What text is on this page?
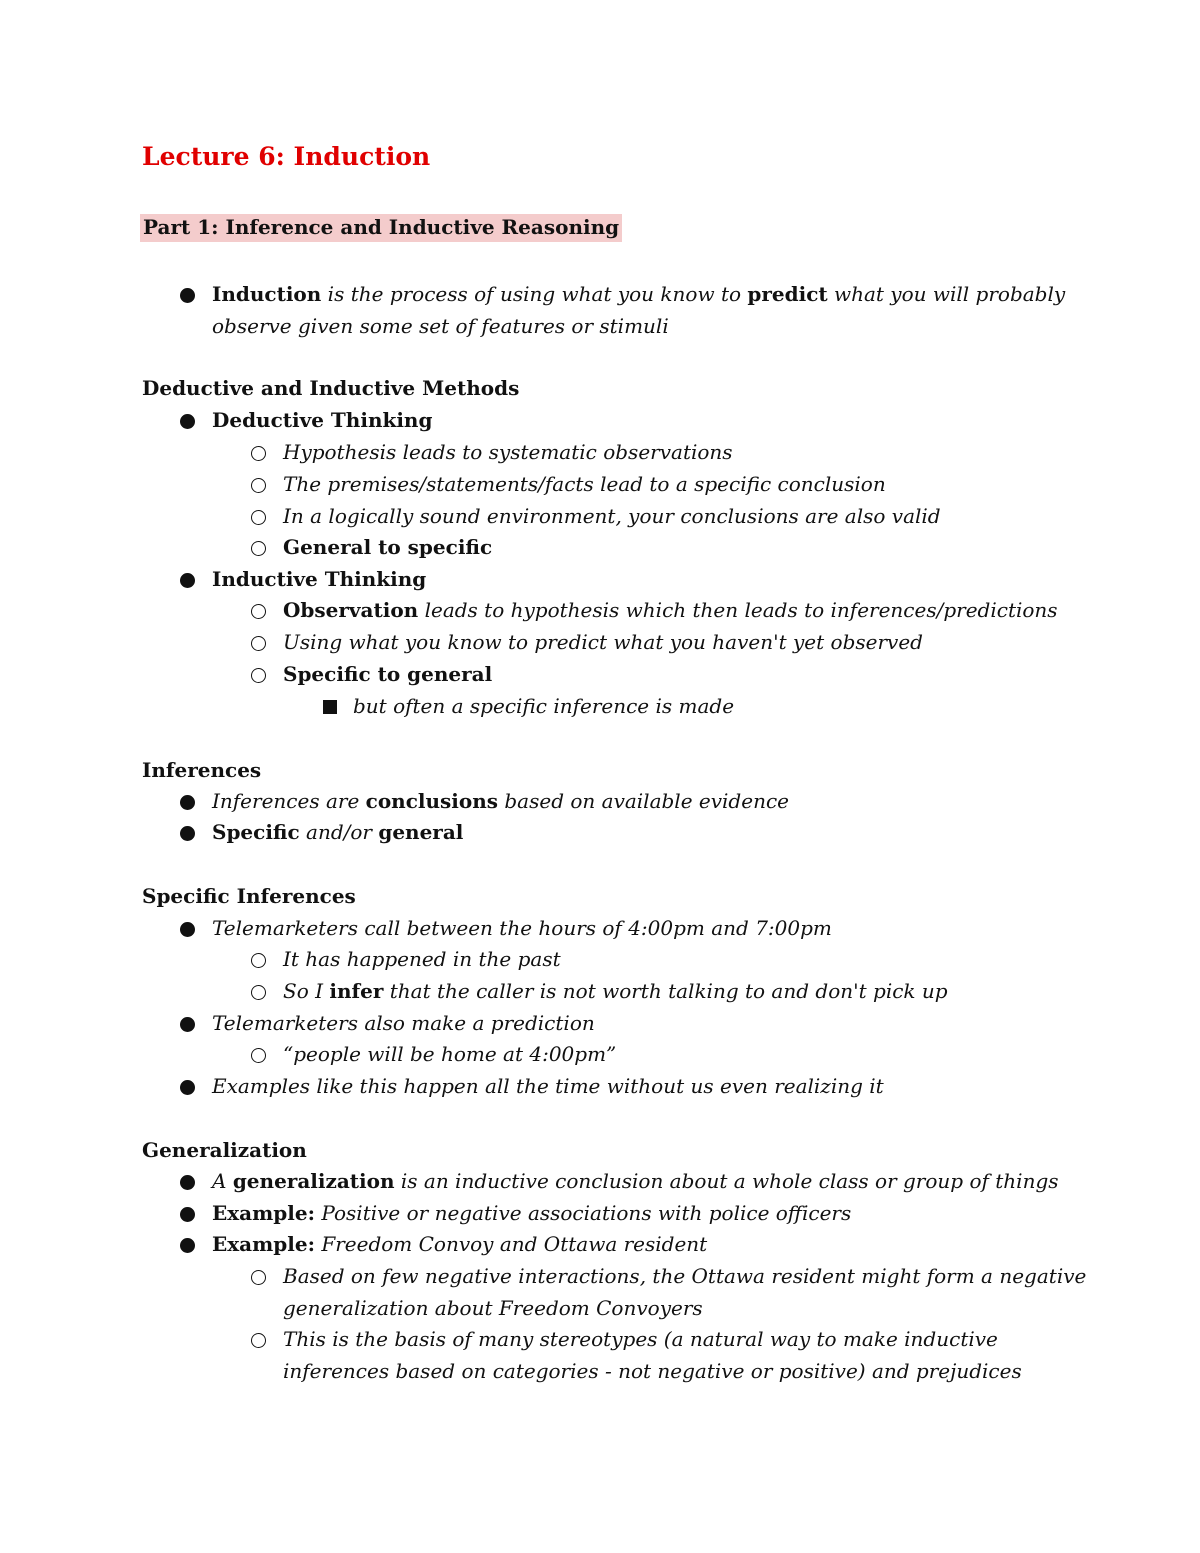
Lecture 6: Induction
Part 1: Inference and Inductive Reasoning
Induction is the process of using what you know to predict what you will probably
observe given some set of features or stimuli
Deductive and Inductive Methods
Deductive Thinking
Hypothesis leads to systematic observations
The premises/statements/facts lead to a specific conclusion
In a logically sound environment, your conclusions are also valid
General to specific
Inductive Thinking
Observation leads to hypothesis which then leads to inferences/predictions
Using what you know to predict what you haven't yet observed
Specific to general
but often a specific inference is made
Inferences
Inferences are conclusions based on available evidence
Specific and/or general
Specific Inferences
Telemarketers call between the hours of 4:00pm and 7:00pm
It has happened in the past
So I infer that the caller is not worth talking to and don't pick up
Telemarketers also make a prediction
“people will be home at 4:00pm”
Examples like this happen all the time without us even realizing it
Generalization
A generalization is an inductive conclusion about a whole class or group of things
Example: Positive or negative associations with police officers
Example: Freedom Convoy and Ottawa resident
Based on few negative interactions, the Ottawa resident might form a negative
generalization about Freedom Convoyers
This is the basis of many stereotypes (a natural way to make inductive
inferences based on categories - not negative or positive) and prejudices
